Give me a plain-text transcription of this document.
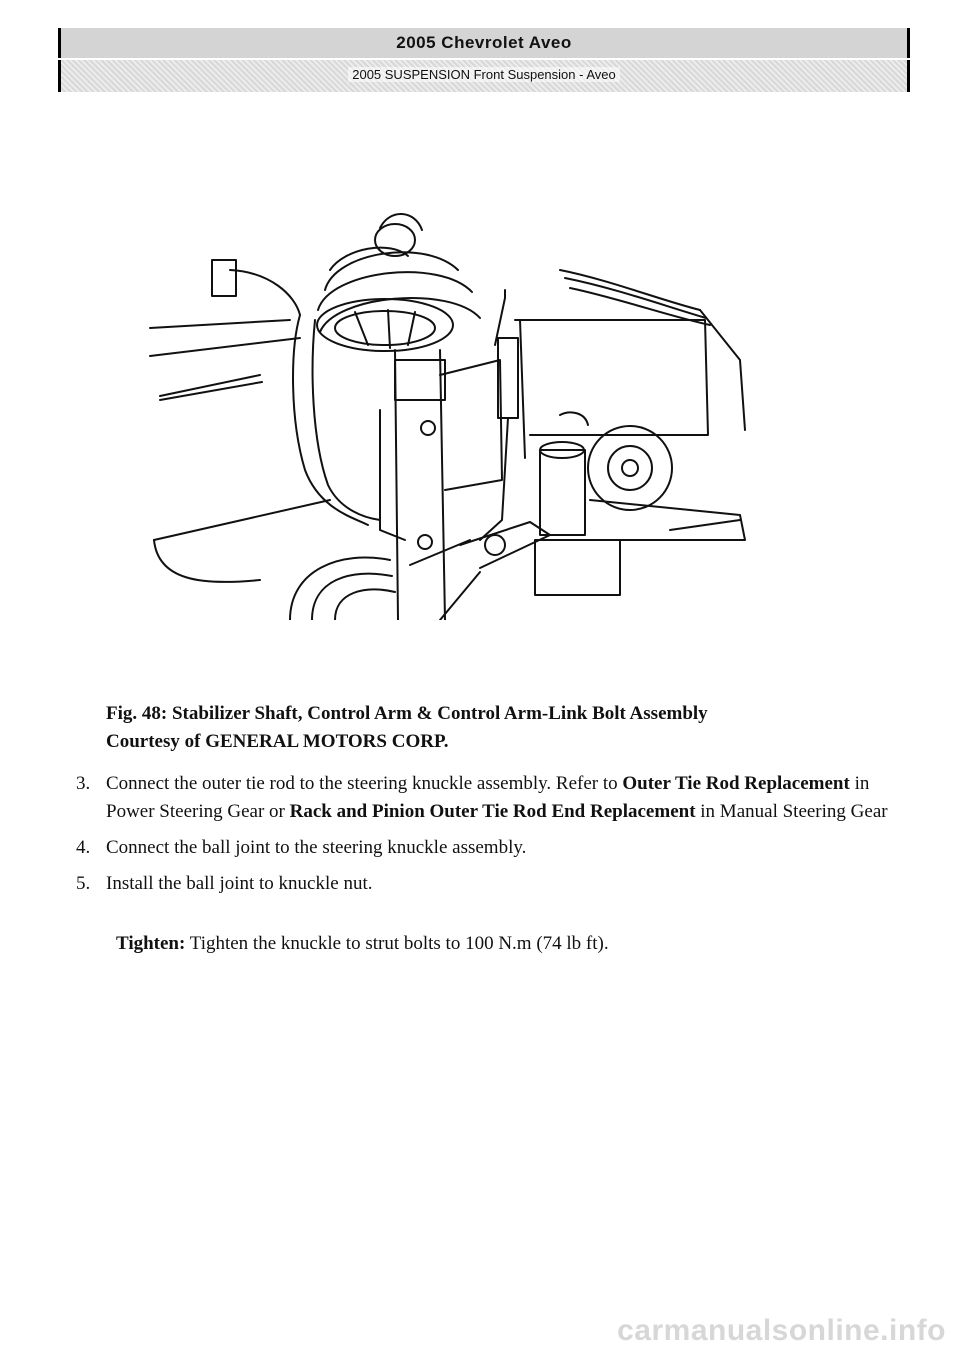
2005 Chevrolet Aveo
2005 SUSPENSION Front Suspension - Aveo
Fig. 48: Stabilizer Shaft, Control Arm & Control Arm-Link Bolt Assembly
Courtesy of GENERAL MOTORS CORP.
3. Connect the outer tie rod to the steering knuckle assembly. Refer to Outer Tie Rod Replacement in Power Steering Gear or Rack and Pinion Outer Tie Rod End Replacement in Manual Steering Gear
4. Connect the ball joint to the steering knuckle assembly.
5. Install the ball joint to knuckle nut.
Tighten: Tighten the knuckle to strut bolts to 100 N.m (74 lb ft).
carmanualsonline.info
